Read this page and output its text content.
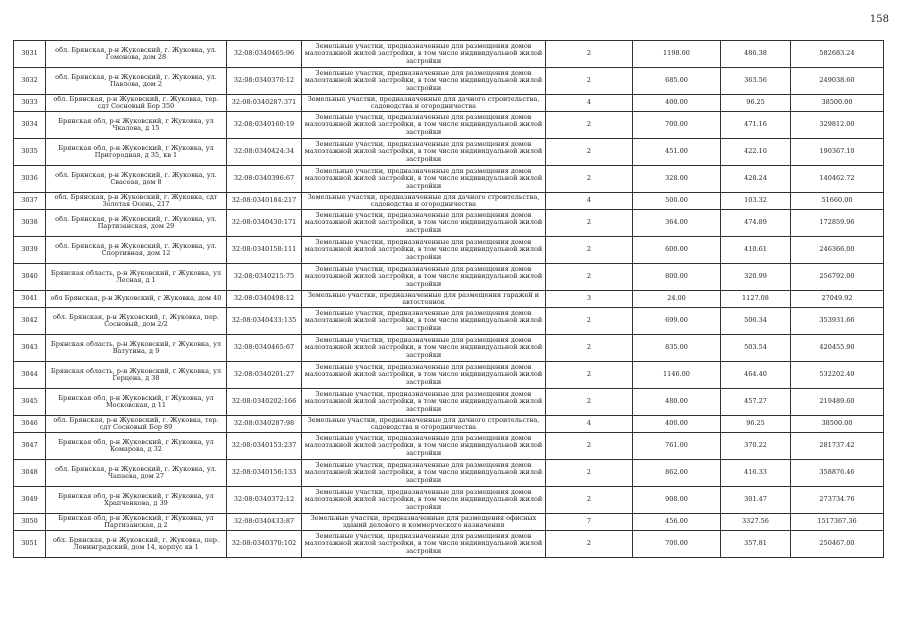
158
3031	обл. Брянская, р-н Жуковский, г. Жуковка, ул. Гомонова, дом 28	32:08:0340465:96	Земельные участки, предназначенные для размещения домов малоэтажной жилой застройки, в том числе индивидуальной жилой застройки	2	1198.00	486.38	582683.24
3032	обл. Брянская, р-н Жуковский, г. Жуковка, ул. Павлова, дом 2	32:08:0340370:12	Земельные участки, предназначенные для размещения домов малоэтажной жилой застройки, в том числе индивидуальной жилой застройки	2	685.00	363.56	249038.60
3033	обл. Брянская, р-н Жуковский, г. Жуковка, тер. сдт Сосновый Бор 350	32:08:0340287:371	Земельные участки, предназначенные для дачного строительства, садоводства и огородничества	4	400.00	96.25	38500.00
3034	Брянская обл, р-н Жуковский, г Жуковка, ул Чкалова, д 15	32:08:0340160:19	Земельные участки, предназначенные для размещения домов малоэтажной жилой застройки, в том числе индивидуальной жилой застройки	2	700.00	471.16	329812.00
3035	Брянская обл, р-н Жуковский, г Жуковка, ул Пригородная, д 35, кв 1	32:08:0340424:34	Земельные участки, предназначенные для размещения домов малоэтажной жилой застройки, в том числе индивидуальной жилой застройки	2	451.00	422.10	190367.10
3036	обл. Брянская, р-н Жуковский, г. Жуковка, ул. Свасеая, дом 8	32:08:0340396:67	Земельные участки, предназначенные для размещения домов малоэтажной жилой застройки, в том числе индивидуальной жилой застройки	2	328.00	428.24	140462.72
3037	обл. Брянская, р-н Жуковский, г. Жуковка, сдт Золотая Осень, 217	32:08:0340184:217	Земельные участки, предназначенные для дачного строительства, садоводства и огородничества	4	500.00	103.32	51660.00
3038	обл. Брянская, р-н Жуковский, г. Жуковка, ул. Партизанская, дом 29	32:08:0340430:171	Земельные участки, предназначенные для размещения домов малоэтажной жилой застройки, в том числе индивидуальной жилой застройки	2	364.00	474.89	172859.96
3039	обл. Брянская, р-н Жуковский, г. Жуковка, ул. Спортивная, дом 12	32:08:0340158:111	Земельные участки, предназначенные для размещения домов малоэтажной жилой застройки, в том числе индивидуальной жилой застройки	2	600.00	410.61	246366.00
3040	Брянская область, р-н Жуковский, г Жуковка, ул Лесная, д 1	32:08:0340215:75	Земельные участки, предназначенные для размещения домов малоэтажной жилой застройки, в том числе индивидуальной жилой застройки	2	800.00	320.99	256792.00
3041	обл Брянская, р-н Жуковский, г Жуковка, дом 40	32:08:0340498:12	Земельные участки, предназначенные для размещения гаражей и автостоянок	3	24.00	1127.08	27049.92
3042	обл. Брянская, р-н Жуковский, г. Жуковка, пер. Сосновый, дом 2/2	32:08:0340433:135	Земельные участки, предназначенные для размещения домов малоэтажной жилой застройки, в том числе индивидуальной жилой застройки	2	699.00	506.34	353931.66
3043	Брянская область, р-н Жуковский, г Жуковка, ул Ватутина, д 9	32:08:0340465:67	Земельные участки, предназначенные для размещения домов малоэтажной жилой застройки, в том числе индивидуальной жилой застройки	2	835.00	503.54	420455.90
3044	Брянская область, р-н Жуковский, г Жуковка, ул Герцена, д 38	32:08:0340201:27	Земельные участки, предназначенные для размещения домов малоэтажной жилой застройки, в том числе индивидуальной жилой застройки	2	1146.00	464.40	532202.40
3045	Брянская обл, р-н Жуковский, г Жуковка, ул Московская, д 11	32:08:0340202:166	Земельные участки, предназначенные для размещения домов малоэтажной жилой застройки, в том числе индивидуальной жилой застройки	2	480.00	457.27	219489.60
3046	обл. Брянская, р-н Жуковский, г. Жуковка, тер. сдт Сосновый Бор 89	32:08:0340287:98	Земельные участки, предназначенные для дачного строительства, садоводства и огородничества	4	400.00	96.25	38500.00
3047	Брянская обл, р-н Жуковский, г Жуковка, ул Комарова, д 32	32:08:0340153:237	Земельные участки, предназначенные для размещения домов малоэтажной жилой застройки, в том числе индивидуальной жилой застройки	2	761.00	370.22	281737.42
3048	обл. Брянская, р-н Жуковский, г. Жуковка, ул. Чапаева, дом 27	32:08:0340156:133	Земельные участки, предназначенные для размещения домов малоэтажной жилой застройки, в том числе индивидуальной жилой застройки	2	862.00	416.33	358876.46
3049	Брянская обл, р-н Жуковский, г Жуковка, ул Храпченкова, д 39	32:08:0340372:12	Земельные участки, предназначенные для размещения домов малоэтажной жилой застройки, в том числе индивидуальной жилой застройки	2	908.00	301.47	273734.76
3050	Брянская обл, р-н Жуковский, г Жуковка, ул Партизанская, д 2	32:08:0340433:87	Земельные участки, предназначенные для размещения офисных зданий делового и коммерческого назначения	7	456.00	3327.56	1517367.36
3051	обл. Брянская, р-н Жуковский, г. Жуковка, пер. Ленинградский, дом 14, корпус кв 1	32:08:0340370:102	Земельные участки, предназначенные для размещения домов малоэтажной жилой застройки, в том числе индивидуальной жилой застройки	2	700.00	357.81	250467.00
